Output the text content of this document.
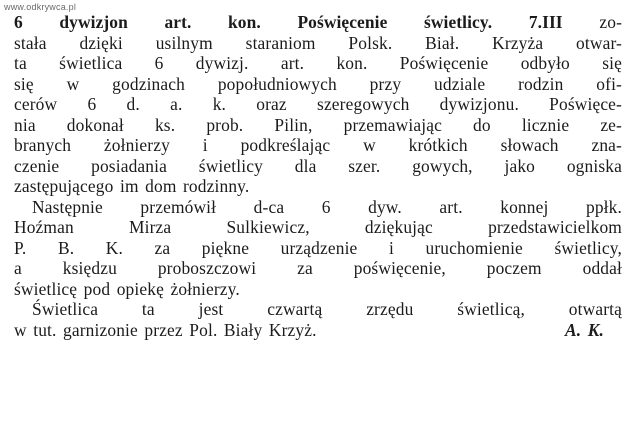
www.odkrywca.pl
6 dywizjon art. kon. Poświęcenie świetlicy. 7.III zo-
stała dzięki usilnym staraniom Polsk. Biał. Krzyża otwar-
ta świetlica 6 dywizj. art. kon. Poświęcenie odbyło się
się w godzinach popołudniowych przy udziale rodzin ofi-
cerów 6 d. a. k. oraz szeregowych dywizjonu. Poświęce-
nia dokonał ks. prob. Pilin, przemawiając do licznie ze-
branych żołnierzy i podkreślając w krótkich słowach zna-
czenie posiadania świetlicy dla szer. gowych, jako ogniska
zastępującego im dom rodzinny.
Następnie przemówił d-ca 6 dyw. art. konnej ppłk.
Hoźman Mirza Sulkiewicz, dziękując przedstawicielkom
P. B. K. za piękne urządzenie i uruchomienie świetlicy,
a księdzu proboszczowi za poświęcenie, poczem oddał
świetlicę pod opiekę żołnierzy.
Świetlica ta jest czwartą zrzędu świetlicą, otwartą
w tut. garnizonie przez Pol. Biały Krzyż.	A. K.
